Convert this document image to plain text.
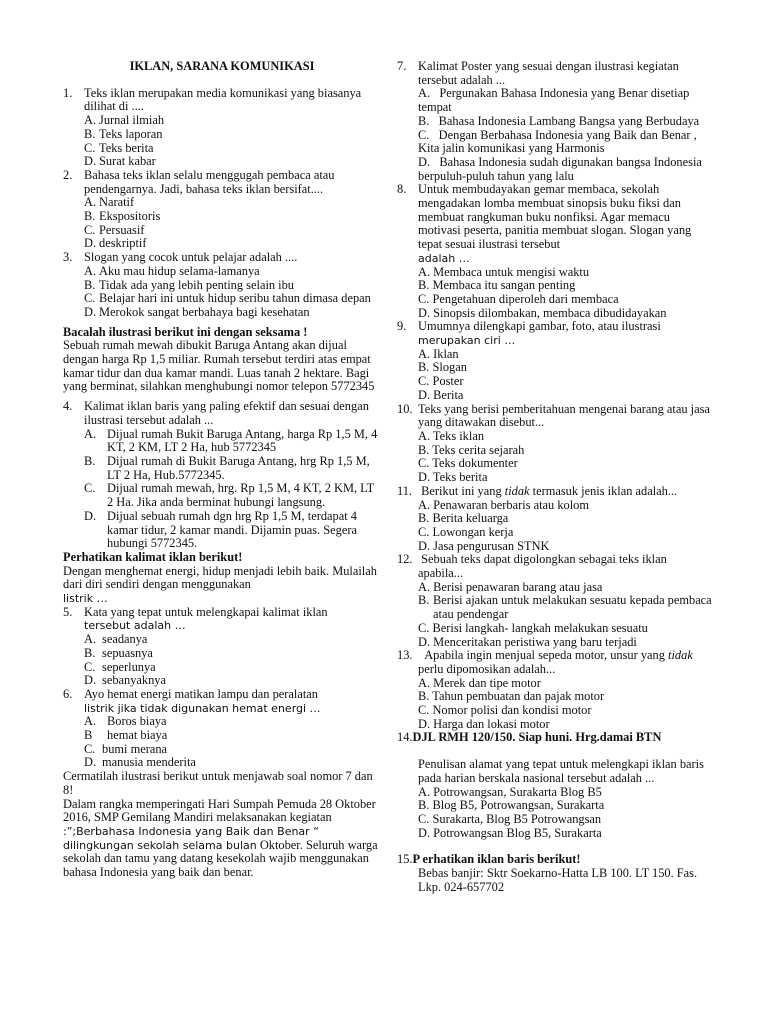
IKLAN, SARANA KOMUNIKASI
1. Teks iklan merupakan media komunikasi yang biasanya dilihat di ....
A. Jurnal ilmiah
B. Teks laporan
C. Teks berita
D. Surat kabar
2. Bahasa teks iklan selalu menggugah pembaca atau pendengarnya. Jadi, bahasa teks iklan bersifat....
A. Naratif
B. Ekspositoris
C. Persuasif
D. deskriptif
3. Slogan yang cocok untuk pelajar adalah ....
A. Aku mau hidup selama-lamanya
B. Tidak ada yang lebih penting selain ibu
C. Belajar hari ini untuk hidup seribu tahun dimasa depan
D. Merokok sangat berbahaya bagi kesehatan
Bacalah ilustrasi berikut ini dengan seksama !

Sebuah rumah mewah dibukit Baruga Antang akan dijual dengan harga Rp 1,5 miliar. Rumah tersebut terdiri atas empat kamar tidur dan dua kamar mandi. Luas tanah 2 hektare. Bagi yang berminat, silahkan menghubungi nomor telepon 5772345

4. Kalimat iklan baris yang paling efektif dan sesuai dengan ilustrasi tersebut adalah ...
A. Dijual rumah Bukit Baruga Antang, harga Rp 1,5 M, 4 KT, 2 KM, LT 2 Ha, hub 5772345
B. Dijual rumah di Bukit Baruga Antang, hrg Rp 1,5 M, LT 2 Ha, Hub.5772345.
C. Dijual rumah mewah, hrg. Rp 1,5 M, 4 KT, 2 KM, LT 2 Ha. Jika anda berminat hubungi langsung.
D. Dijual sebuah rumah dgn hrg Rp 1,5 M, terdapat 4 kamar tidur, 2 kamar mandi. Dijamin puas. Segera hubungi 5772345.
Perhatikan kalimat iklan berikut!

Dengan menghemat energi, hidup menjadi lebih baik. Mulailah dari diri sendiri dengan menggunakan

listrik …

5. Kata yang tepat untuk melengkapai kalimat iklan
tersebut adalah …
A. seadanya
B. sepuasnya
C. seperlunya
D. sebanyaknya
6. Ayo hemat energi matikan lampu dan peralatan
listrik jika tidak digunakan hemat energi …
A. Boros biaya
B hemat biaya
C. bumi merana
D. manusia menderita

Cermatilah ilustrasi berikut untuk menjawab soal nomor 7 dan 8!

Dalam rangka memperingati Hari Sumpah Pemuda 28 Oktober 2016, SMP Gemilang Mandiri melaksanakan kegiatan :”;Berbahasa Indonesia yang Baik dan Benar “ dilingkungan sekolah selama bulan Oktober. Seluruh warga sekolah dan tamu yang datang kesekolah wajib menggunakan bahasa Indonesia yang baik dan benar.

7. Kalimat Poster yang sesuai dengan ilustrasi kegiatan tersebut adalah ...
A. Pergunakan Bahasa Indonesia yang Benar disetiap tempat
B. Bahasa Indonesia Lambang Bangsa yang Berbudaya
C. Dengan Berbahasa Indonesia yang Baik dan Benar , Kita jalin komunikasi yang Harmonis
D. Bahasa Indonesia sudah digunakan bangsa Indonesia berpuluh-puluh tahun yang lalu
8. Untuk membudayakan gemar membaca, sekolah mengadakan lomba membuat sinopsis buku fiksi dan membuat rangkuman buku nonfiksi. Agar memacu motivasi peserta, panitia membuat slogan. Slogan yang tepat sesuai ilustrasi tersebut
adalah …
A. Membaca untuk mengisi waktu
B. Membaca itu sangan penting
C. Pengetahuan diperoleh dari membaca
D. Sinopsis dilombakan, membaca dibudidayakan
9. Umumnya dilengkapi gambar, foto, atau ilustrasi
merupakan ciri …
A. Iklan
B. Slogan
C. Poster
D. Berita
10. Teks yang berisi pemberitahuan mengenai barang atau jasa yang ditawakan disebut...
A. Teks iklan
B. Teks cerita sejarah
C. Teks dokumenter
D. Teks berita
11. Berikut ini yang tidak termasuk jenis iklan adalah...
A. Penawaran berbaris atau kolom
B. Berita keluarga
C. Lowongan kerja
D. Jasa pengurusan STNK
12. Sebuah teks dapat digolongkan sebagai teks iklan apabila...
A. Berisi penawaran barang atau jasa
B. Berisi ajakan untuk melakukan sesuatu kepada pembaca atau pendengar
C. Berisi langkah- langkah melakukan sesuatu
D. Menceritakan peristiwa yang baru terjadi
13. Apabila ingin menjual sepeda motor, unsur yang tidak perlu dipomosikan adalah...
A. Merek dan tipe motor
B. Tahun pembuatan dan pajak motor
C. Nomor polisi dan kondisi motor
D. Harga dan lokasi motor
14.DJL RMH 120/150. Siap huni. Hrg.damai BTN
Penulisan alamat yang tepat untuk melengkapi iklan baris pada harian berskala nasional tersebut adalah ...
A. Potrowangsan, Surakarta Blog B5
B. Blog B5, Potrowangsan, Surakarta
C. Surakarta, Blog B5 Potrowangsan
D. Potrowangsan Blog B5, Surakarta
15.P erhatikan iklan baris berikut!
Bebas banjir: Sktr Soekarno-Hatta LB 100. LT 150. Fas. Lkp. 024-657702
